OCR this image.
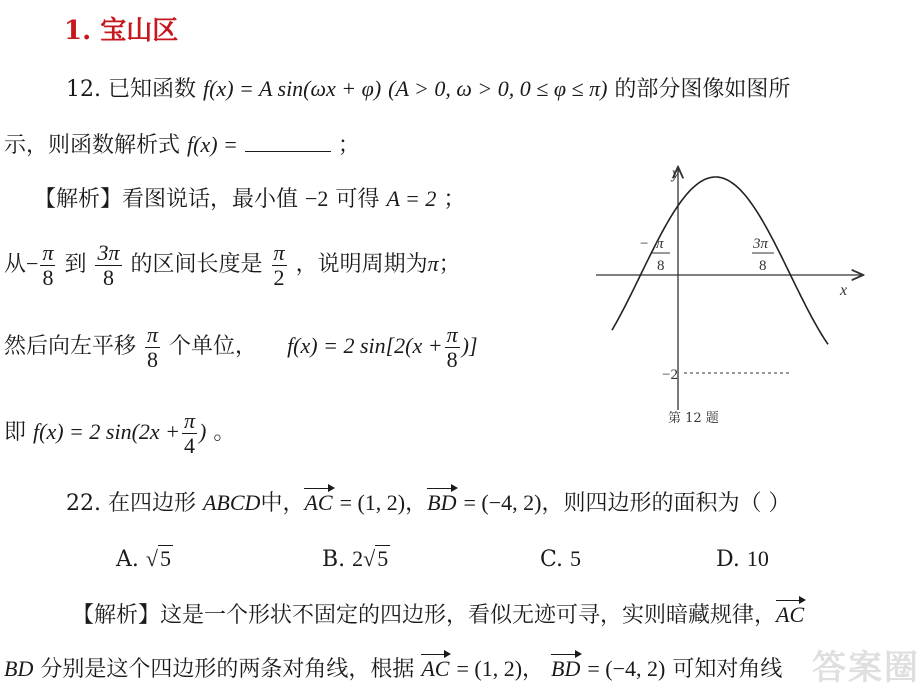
1. 宝山区
12. 已知函数 f(x) = A sin(ωx + φ) (A > 0, ω > 0, 0 ≤ φ ≤ π) 的部分图像如图所
示，则函数解析式 f(x) =	；
【解析】看图说话，最小值 −2 可得 A = 2 ；
从− $\frac{\pi}{8}$ 到 $\frac{3\pi}{8}$ 的区间长度是 $\frac{\pi}{2}$ ，说明周期为π；
然后向左平移 $\frac{\pi}{8}$ 个单位， f(x) = 2 $\sin[2(x + \frac{\pi}{8}$ )]
即 f(x) = 2 $\sin(2x + \frac{\pi}{4}$ ) 。
y
x
− π
8
3π
8
−2
第 12 题
22. 在四边形 ABCD中，AC = (1, 2)，BD = (−4, 2)，则四边形的面积为（ ）
A. √5	B. 2√5	C. 5	D. 10
【解析】这是一个形状不固定的四边形，看似无迹可寻，实则暗藏规律，AC
BD 分别是这个四边形的两条对角线，根据 AC = (1, 2)， BD = (−4, 2) 可知对角线 答案圈
